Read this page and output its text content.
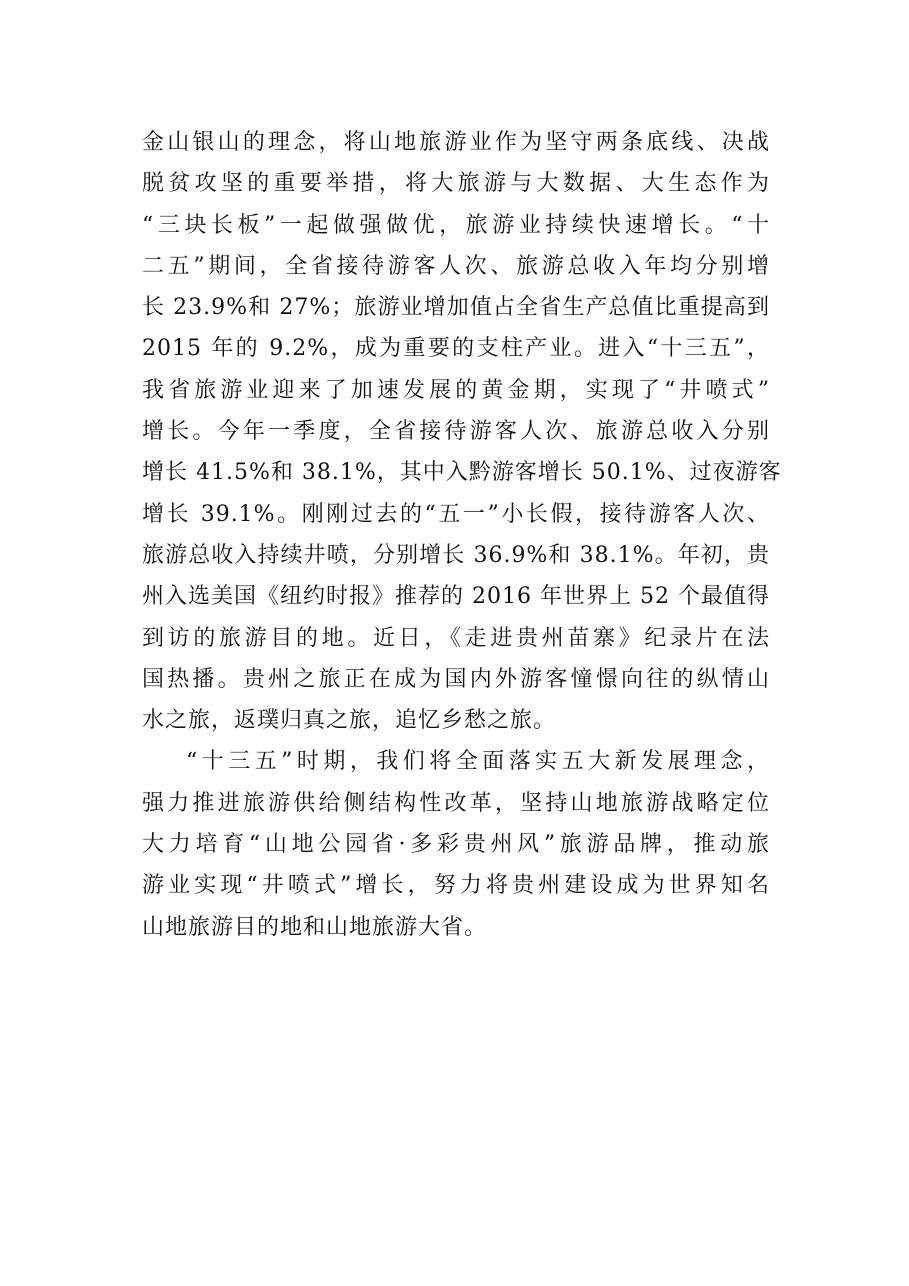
金山银山的理念，将山地旅游业作为坚守两条底线、决战
脱贫攻坚的重要举措，将大旅游与大数据、大生态作为
“三块长板”一起做强做优，旅游业持续快速增长。“十
二五”期间，全省接待游客人次、旅游总收入年均分别增
长 23.9%和 27%；旅游业增加值占全省生产总值比重提高到
2015 年的 9.2%，成为重要的支柱产业。进入“十三五”，
我省旅游业迎来了加速发展的黄金期，实现了“井喷式”
增长。今年一季度，全省接待游客人次、旅游总收入分别
增长 41.5%和 38.1%，其中入黔游客增长 50.1%、过夜游客
增长 39.1%。刚刚过去的“五一”小长假，接待游客人次、
旅游总收入持续井喷，分别增长 36.9%和 38.1%。年初，贵
州入选美国《纽约时报》推荐的 2016 年世界上 52 个最值得
到访的旅游目的地。近日，《走进贵州苗寨》纪录片在法
国热播。贵州之旅正在成为国内外游客憧憬向往的纵情山
水之旅，返璞归真之旅，追忆乡愁之旅。
“十三五”时期，我们将全面落实五大新发展理念，
强力推进旅游供给侧结构性改革，坚持山地旅游战略定位
大力培育“山地公园省·多彩贵州风”旅游品牌，推动旅
游业实现“井喷式”增长，努力将贵州建设成为世界知名
山地旅游目的地和山地旅游大省。
